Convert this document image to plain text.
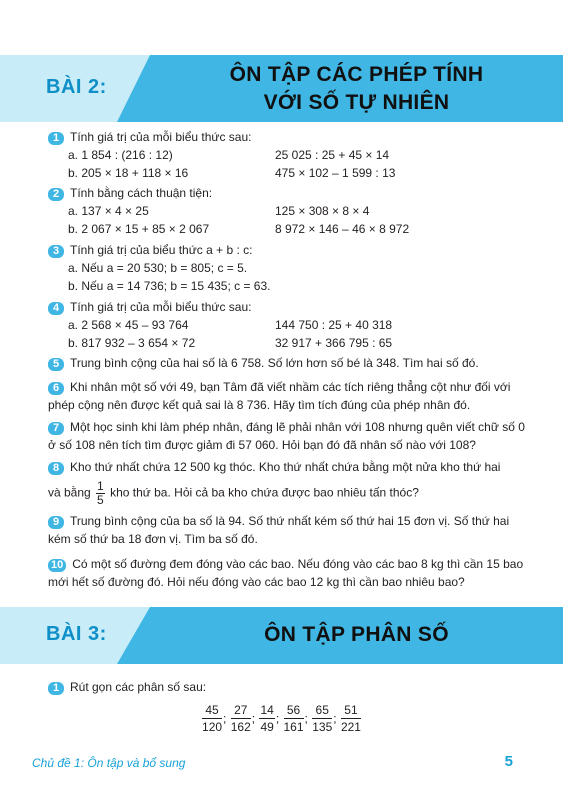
BÀI 2:
ÔN TẬP CÁC PHÉP TÍNH
VỚI SỐ TỰ NHIÊN
1 Tính giá trị của mỗi biểu thức sau:
a. 1 854 : (216 : 12)	25 025 : 25 + 45 × 14
b. 205 × 18 + 118 × 16	475 × 102 – 1 599 : 13
2 Tính bằng cách thuận tiện:
a. 137 × 4 × 25	125 × 308 × 8 × 4
b. 2 067 × 15 + 85 × 2 067	8 972 × 146 – 46 × 8 972
3 Tính giá trị của biểu thức a + b : c:
a. Nếu a = 20 530; b = 805; c = 5.
b. Nếu a = 14 736; b = 15 435; c = 63.
4 Tính giá trị của mỗi biểu thức sau:
a. 2 568 × 45 – 93 764	144 750 : 25 + 40 318
b. 817 932 – 3 654 × 72	32 917 + 366 795 : 65
5 Trung bình cộng của hai số là 6 758. Số lớn hơn số bé là 348. Tìm hai số đó.
6 Khi nhân một số với 49, bạn Tâm đã viết nhầm các tích riêng thẳng cột như đối với phép cộng nên được kết quả sai là 8 736. Hãy tìm tích đúng của phép nhân đó.
7 Một học sinh khi làm phép nhân, đáng lẽ phải nhân với 108 nhưng quên viết chữ số 0 ở số 108 nên tích tìm được giảm đi 57 060. Hỏi bạn đó đã nhân số nào với 108?
8 Kho thứ nhất chứa 12 500 kg thóc. Kho thứ nhất chứa bằng một nửa kho thứ hai
và bằng $\frac{1}{5}$ kho thứ ba. Hỏi cả ba kho chứa được bao nhiêu tấn thóc?
9 Trung bình cộng của ba số là 94. Số thứ nhất kém số thứ hai 15 đơn vị. Số thứ hai kém số thứ ba 18 đơn vị. Tìm ba số đó.
10 Có một số đường đem đóng vào các bao. Nếu đóng vào các bao 8 kg thì cần 15 bao mới hết số đường đó. Hỏi nếu đóng vào các bao 12 kg thì cần bao nhiêu bao?
BÀI 3:	ÔN TẬP PHÂN SỐ
1 Rút gọn các phân số sau:
$\frac{45}{120}$ ; $\frac{27}{162}$ ; $\frac{14}{49}$ ; $\frac{56}{161}$ ; $\frac{65}{135}$ ; $\frac{51}{221}$
Chủ đề 1: Ôn tập và bổ sung	5
